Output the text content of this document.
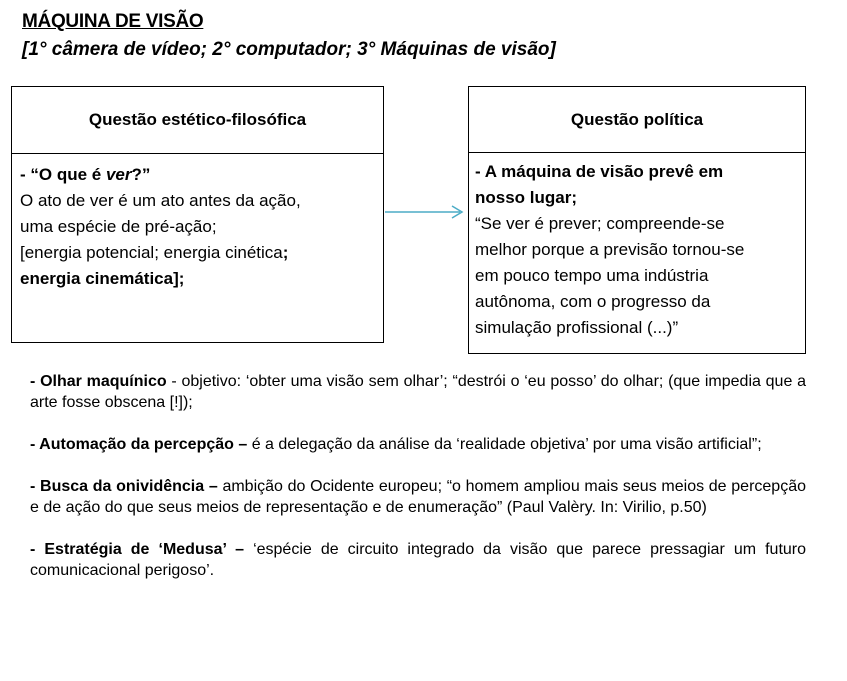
MÁQUINA DE VISÃO
[1° câmera de vídeo; 2° computador; 3° Máquinas de visão]
Questão estético-filosófica
- “O que é ver?”
O ato de ver é um ato antes da ação,
uma espécie de pré-ação;
[energia potencial; energia cinética;
energia cinemática];
Questão política
- A máquina de visão prevê em
nosso lugar;
“Se ver é prever; compreende-se
melhor porque a previsão tornou-se
em pouco tempo uma indústria
autônoma, com o progresso da
simulação profissional (...)”
- Olhar maquínico - objetivo: ‘obter uma visão sem olhar’; “destrói o ‘eu posso’ do olhar; (que impedia que a arte fosse obscena [!]);
- Automação da percepção – é a delegação da análise da ‘realidade objetiva’ por uma visão artificial”;
- Busca da onividência – ambição do Ocidente europeu; “o homem ampliou mais seus meios de percepção e de ação do que seus meios de representação e de enumeração” (Paul Valèry. In: Virilio, p.50)
- Estratégia de ‘Medusa’ – ‘espécie de circuito integrado da visão que parece pressagiar um futuro comunicacional perigoso’.
